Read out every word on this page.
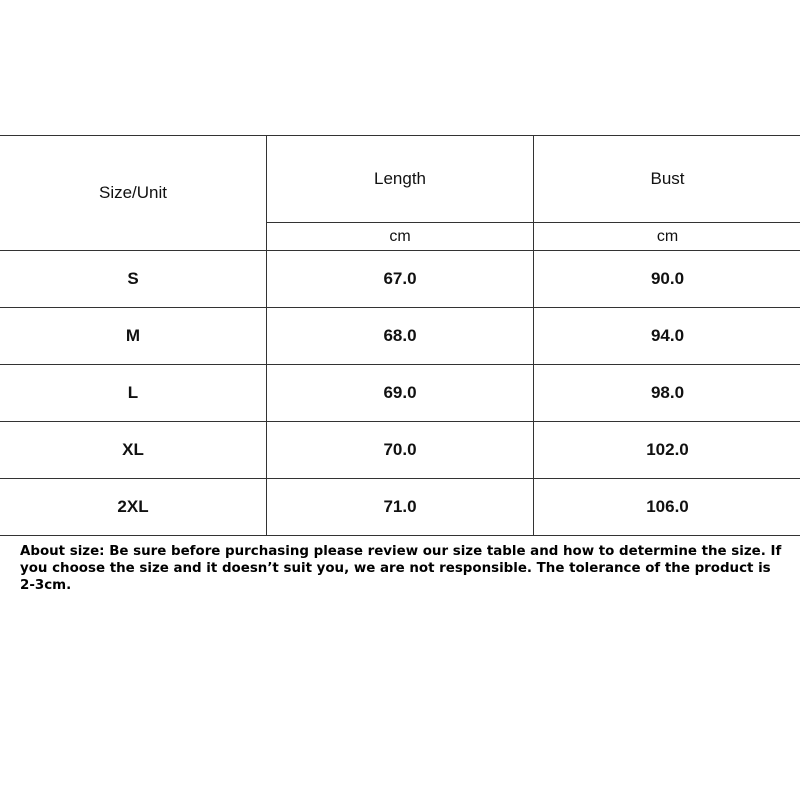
Size/Unit	Length	Bust
	cm	cm
S	67.0	90.0
M	68.0	94.0
L	69.0	98.0
XL	70.0	102.0
2XL	71.0	106.0

About size: Be sure before purchasing please review our size table and how to determine the size. If you choose the size and it doesn’t suit you, we are not responsible. The tolerance of the product is 2-3cm.
